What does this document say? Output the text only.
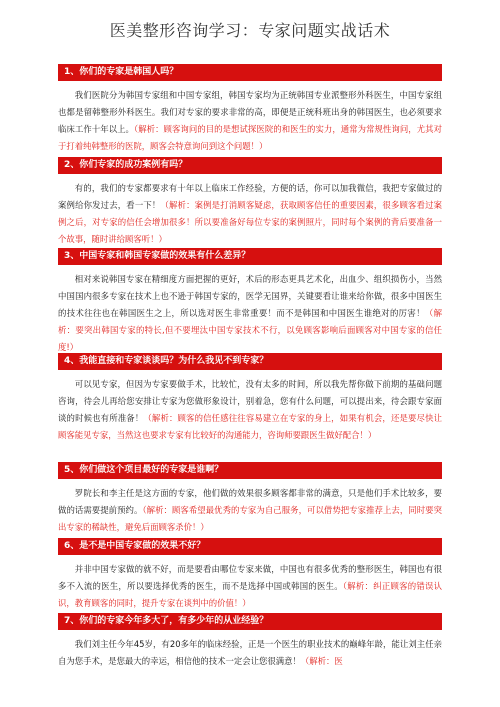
医美整形咨询学习：专家问题实战话术
1、你们的专家是韩国人吗？
我们医院分为韩国专家组和中国专家组，韩国专家均为正统韩国专业派整形外科医生，中国专家组也都是留韩整形外科医生。我们对专家的要求非常的高，即便是正统科班出身的韩国医生，也必须要求临床工作十年以上。（解析：顾客询问的目的是想试探医院的和医生的实力，通常为常规性询问，尤其对于打着纯韩整形的医院，顾客会特意询问到这个问题！）
2、你们专家的成功案例有吗？
有的，我们的专家都要求有十年以上临床工作经验，方便的话，你可以加我微信，我把专家做过的案例给你发过去，看一下！（解析：案例是打消顾客疑虑，获取顾客信任的重要因素，很多顾客看过案例之后，对专家的信任会增加很多！所以要准备好每位专家的案例照片，同时每个案例的背后要准备一个故事，随时讲给顾客听！）
3、中国专家和韩国专家做的效果有什么差异？
相对来说韩国专家在精细度方面把握的更好，术后的形态更具艺术化，出血少、组织损伤小，当然中国国内很多专家在技术上也不逊于韩国专家的，医学无国界，关键要看让谁来给你做，很多中国医生的技术往往也在韩国医生之上，所以选对医生非常重要！而不是韩国和中国医生谁绝对的厉害！（解析：要突出韩国专家的特长,但不要埋汰中国专家技术不行，以免顾客影响后面顾客对中国专家的信任度!）
4、我能直接和专家谈谈吗？为什么我见不到专家？
可以见专家，但因为专家要做手术，比较忙，没有太多的时间，所以我先帮你做下前期的基础问题咨询，待会儿再给您安排让专家为您做形象设计，别着急，您有什么问题，可以提出来，待会跟专家面谈的时候也有所准备！（解析：顾客的信任感往往容易建立在专家的身上，如果有机会，还是要尽快让顾客能见专家，当然这也要求专家有比较好的沟通能力，咨询师要跟医生做好配合！）
5、你们做这个项目最好的专家是谁啊？
罗院长和李主任是这方面的专家，他们做的效果很多顾客都非常的满意，只是他们手术比较多，要做的话需要提前预约。（解析：顾客希望最优秀的专家为自己服务，可以借势把专家推荐上去，同时要突出专家的稀缺性，避免后面顾客杀价！）
6、是不是中国专家做的效果不好？
并非中国专家做的就不好，而是要看由哪位专家来做，中国也有很多优秀的整形医生，韩国也有很多不入流的医生，所以要选择优秀的医生，而不是选择中国或韩国的医生。（解析：纠正顾客的错误认识，教育顾客的同时，提升专家在谈判中的价值！）
7、你们的专家今年多大了，有多少年的从业经验？
我们刘主任今年45岁，有20多年的临床经验，正是一个医生的职业技术的巅峰年龄，能让刘主任亲自为您手术，是您最大的幸运，相信他的技术一定会让您很满意！（解析：医
